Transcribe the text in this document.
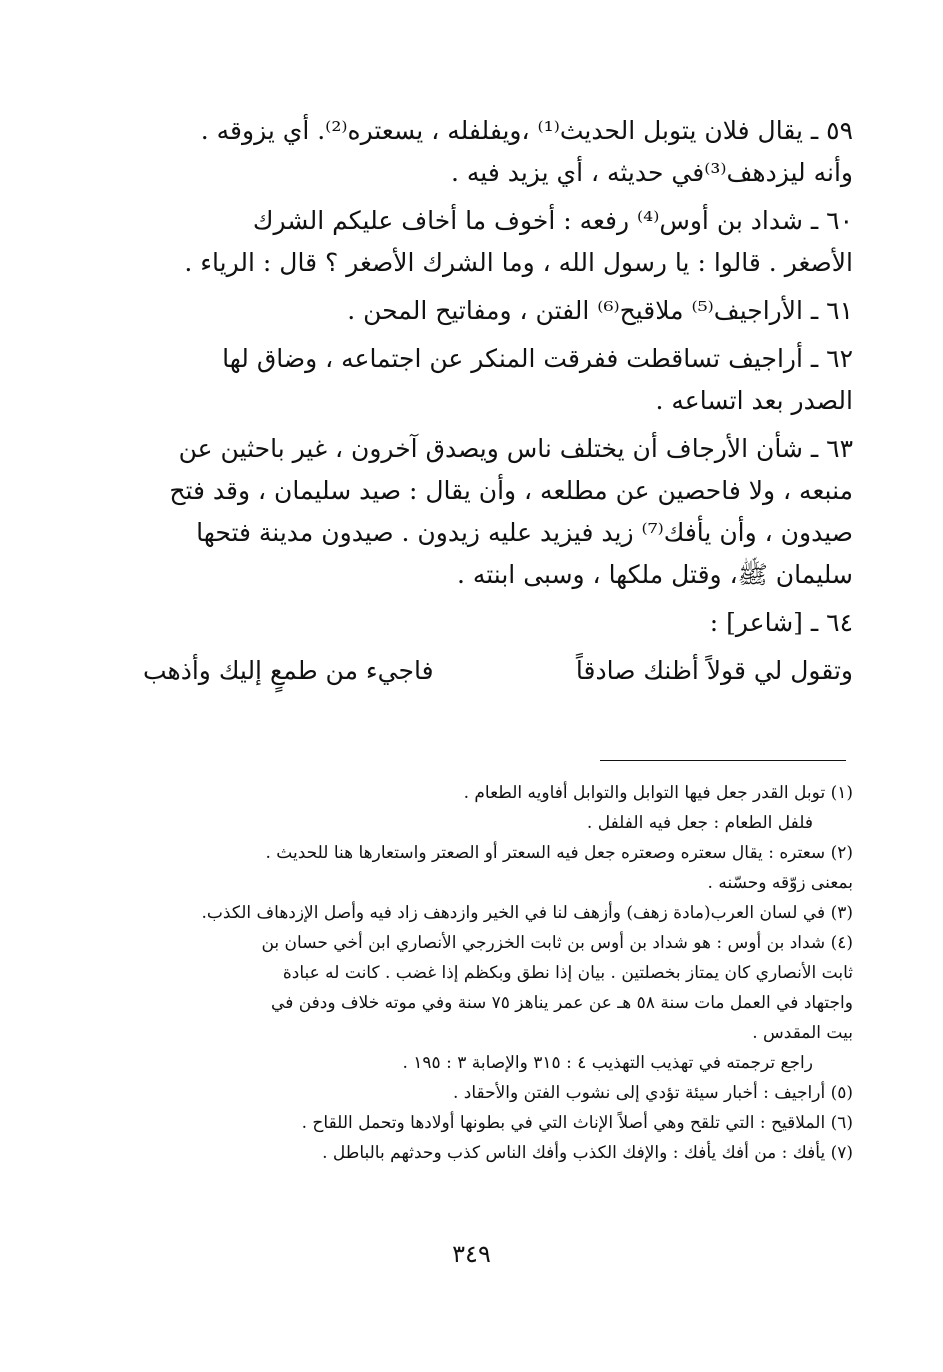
٥٩ ـ يقال فلان يتوبل الحديث⁽¹⁾ ،ويفلفله ، يسعتره⁽²⁾. أي يزوقه .
وأنه ليزدهف⁽³⁾في حديثه ، أي يزيد فيه .

٦٠ ـ شداد بن أوس⁽⁴⁾ رفعه : أخوف ما أخاف عليكم الشرك
الأصغر . قالوا : يا رسول الله ، وما الشرك الأصغر ؟ قال : الرياء .

٦١ ـ الأراجيف⁽⁵⁾ ملاقيح⁽⁶⁾ الفتن ، ومفاتيح المحن .

٦٢ ـ أراجيف تساقطت ففرقت المنكر عن اجتماعه ، وضاق لها
الصدر بعد اتساعه .

٦٣ ـ شأن الأرجاف أن يختلف ناس ويصدق آخرون ، غير باحثين عن
منبعه ، ولا فاحصين عن مطلعه ، وأن يقال : صيد سليمان ، وقد فتح
صيدون ، وأن يأفك⁽⁷⁾ زيد فيزيد عليه زيدون . صيدون مدينة فتحها
سليمان ﷺ، وقتل ملكها ، وسبى ابنته .

٦٤ ـ [شاعر] :

وتقول لي قولاً أظنك صادقاً
فاجيء من طمعٍ إليك وأذهب
(١) توبل القدر جعل فيها التوابل والتوابل أفاويه الطعام .
فلفل الطعام : جعل فيه الفلفل .
(٢) سعتره : يقال سعتره وصعتره جعل فيه السعتر أو الصعتر واستعارها هنا للحديث .
بمعنى زوّقه وحسّنه .
(٣) في لسان العرب(مادة زهف) وأزهف لنا في الخير وازدهف زاد فيه وأصل الإزدهاف الكذب.
(٤) شداد بن أوس : هو شداد بن أوس بن ثابت الخزرجي الأنصاري ابن أخي حسان بن
ثابت الأنصاري كان يمتاز بخصلتين . بيان إذا نطق وبكظم إذا غضب . كانت له عبادة
واجتهاد في العمل مات سنة ٥٨ هـ عن عمر يناهز ٧٥ سنة وفي موته خلاف ودفن في
بيت المقدس .
راجع ترجمته في تهذيب التهذيب ٤ : ٣١٥ والإصابة ٣ : ١٩٥ .
(٥) أراجيف : أخبار سيئة تؤدي إلى نشوب الفتن والأحقاد .
(٦) الملاقيح : التي تلقح وهي أصلاً الإناث التي في بطونها أولادها وتحمل اللقاح .
(٧) يأفك : من أفك يأفك : والإفك الكذب وأفك الناس كذب وحدثهم بالباطل .
٣٤٩
